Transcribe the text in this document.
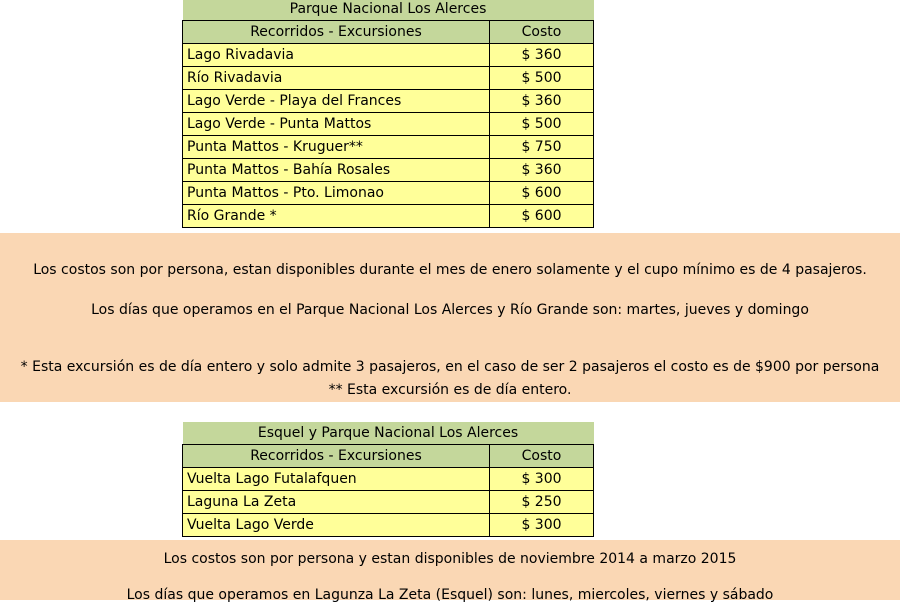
Parque Nacional Los Alerces	
Recorridos - Excursiones	Costo
Lago Rivadavia	$ 360
Río Rivadavia	$ 500
Lago Verde - Playa del Frances	$ 360
Lago Verde - Punta Mattos	$ 500
Punta Mattos - Kruguer**	$ 750
Punta Mattos - Bahía Rosales	$ 360
Punta Mattos - Pto. Limonao	$ 600
Río Grande *	$ 600

Los costos son por persona, estan disponibles durante el mes de enero solamente y el cupo mínimo es de 4 pasajeros.

Los días que operamos en el Parque Nacional Los Alerces y Río Grande son: martes, jueves y domingo

* Esta excursión es de día entero y solo admite 3 pasajeros, en el caso de ser 2 pasajeros el costo es de $900 por persona

** Esta excursión es de día entero.

Esquel y Parque Nacional Los Alerces	
Recorridos - Excursiones	Costo
Vuelta Lago Futalafquen	$ 300
Laguna La Zeta	$ 250
Vuelta Lago Verde	$ 300

Los costos son por persona y estan disponibles de noviembre 2014 a marzo 2015

Los días que operamos en Lagunza La Zeta (Esquel) son: lunes, miercoles, viernes y sábado
